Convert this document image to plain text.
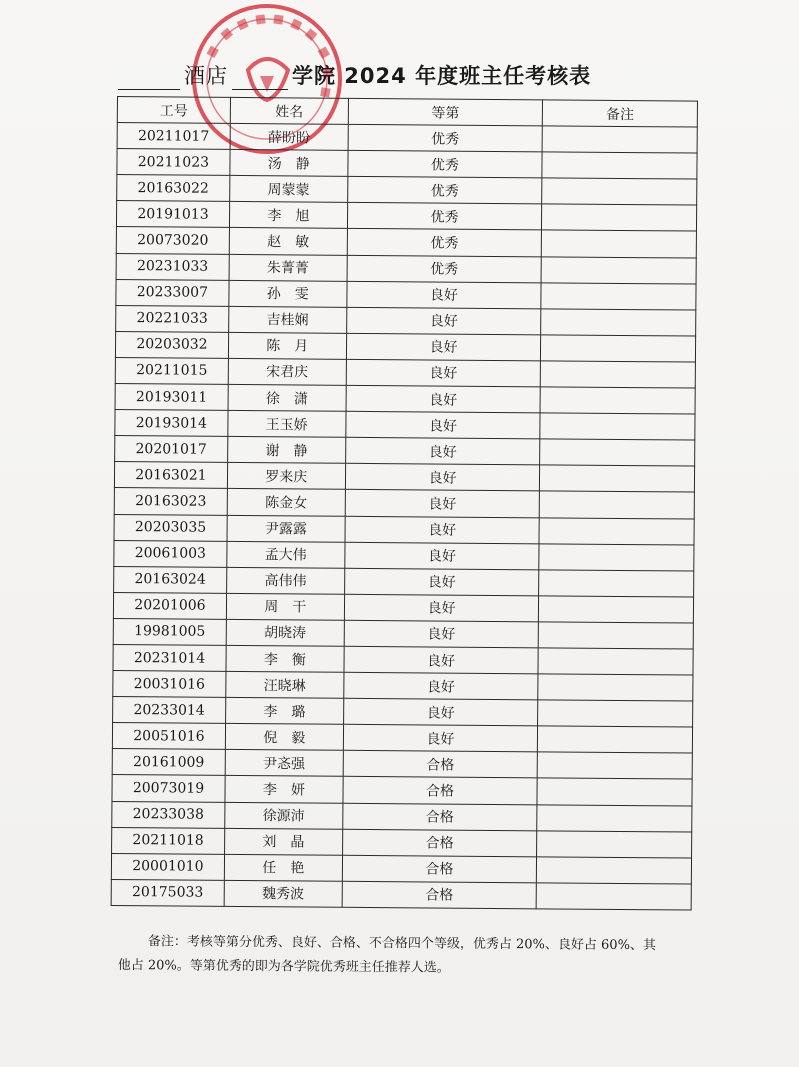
酒店	学院 2024 年度班主任考核表
工号	姓名	等第	备注
20211017	薛盼盼	优秀	
20211023	汤　静	优秀	
20163022	周蒙蒙	优秀	
20191013	李　旭	优秀	
20073020	赵　敏	优秀	
20231033	朱菁菁	优秀	
20233007	孙　雯	良好	
20221033	吉桂娴	良好	
20203032	陈　月	良好	
20211015	宋君庆	良好	
20193011	徐　潇	良好	
20193014	王玉娇	良好	
20201017	谢　静	良好	
20163021	罗来庆	良好	
20163023	陈金女	良好	
20203035	尹露露	良好	
20061003	孟大伟	良好	
20163024	高伟伟	良好	
20201006	周　干	良好	
19981005	胡晓涛	良好	
20231014	李　衡	良好	
20031016	汪晓琳	良好	
20233014	李　璐	良好	
20051016	倪　毅	良好	
20161009	尹忞强	合格	
20073019	李　妍	合格	
20233038	徐源沛	合格	
20211018	刘　晶	合格	
20001010	任　艳	合格	
20175033	魏秀波	合格	

备注：考核等第分优秀、良好、合格、不合格四个等级，优秀占 20%、良好占 60%、其

他占 20%。等第优秀的即为各学院优秀班主任推荐人选。
